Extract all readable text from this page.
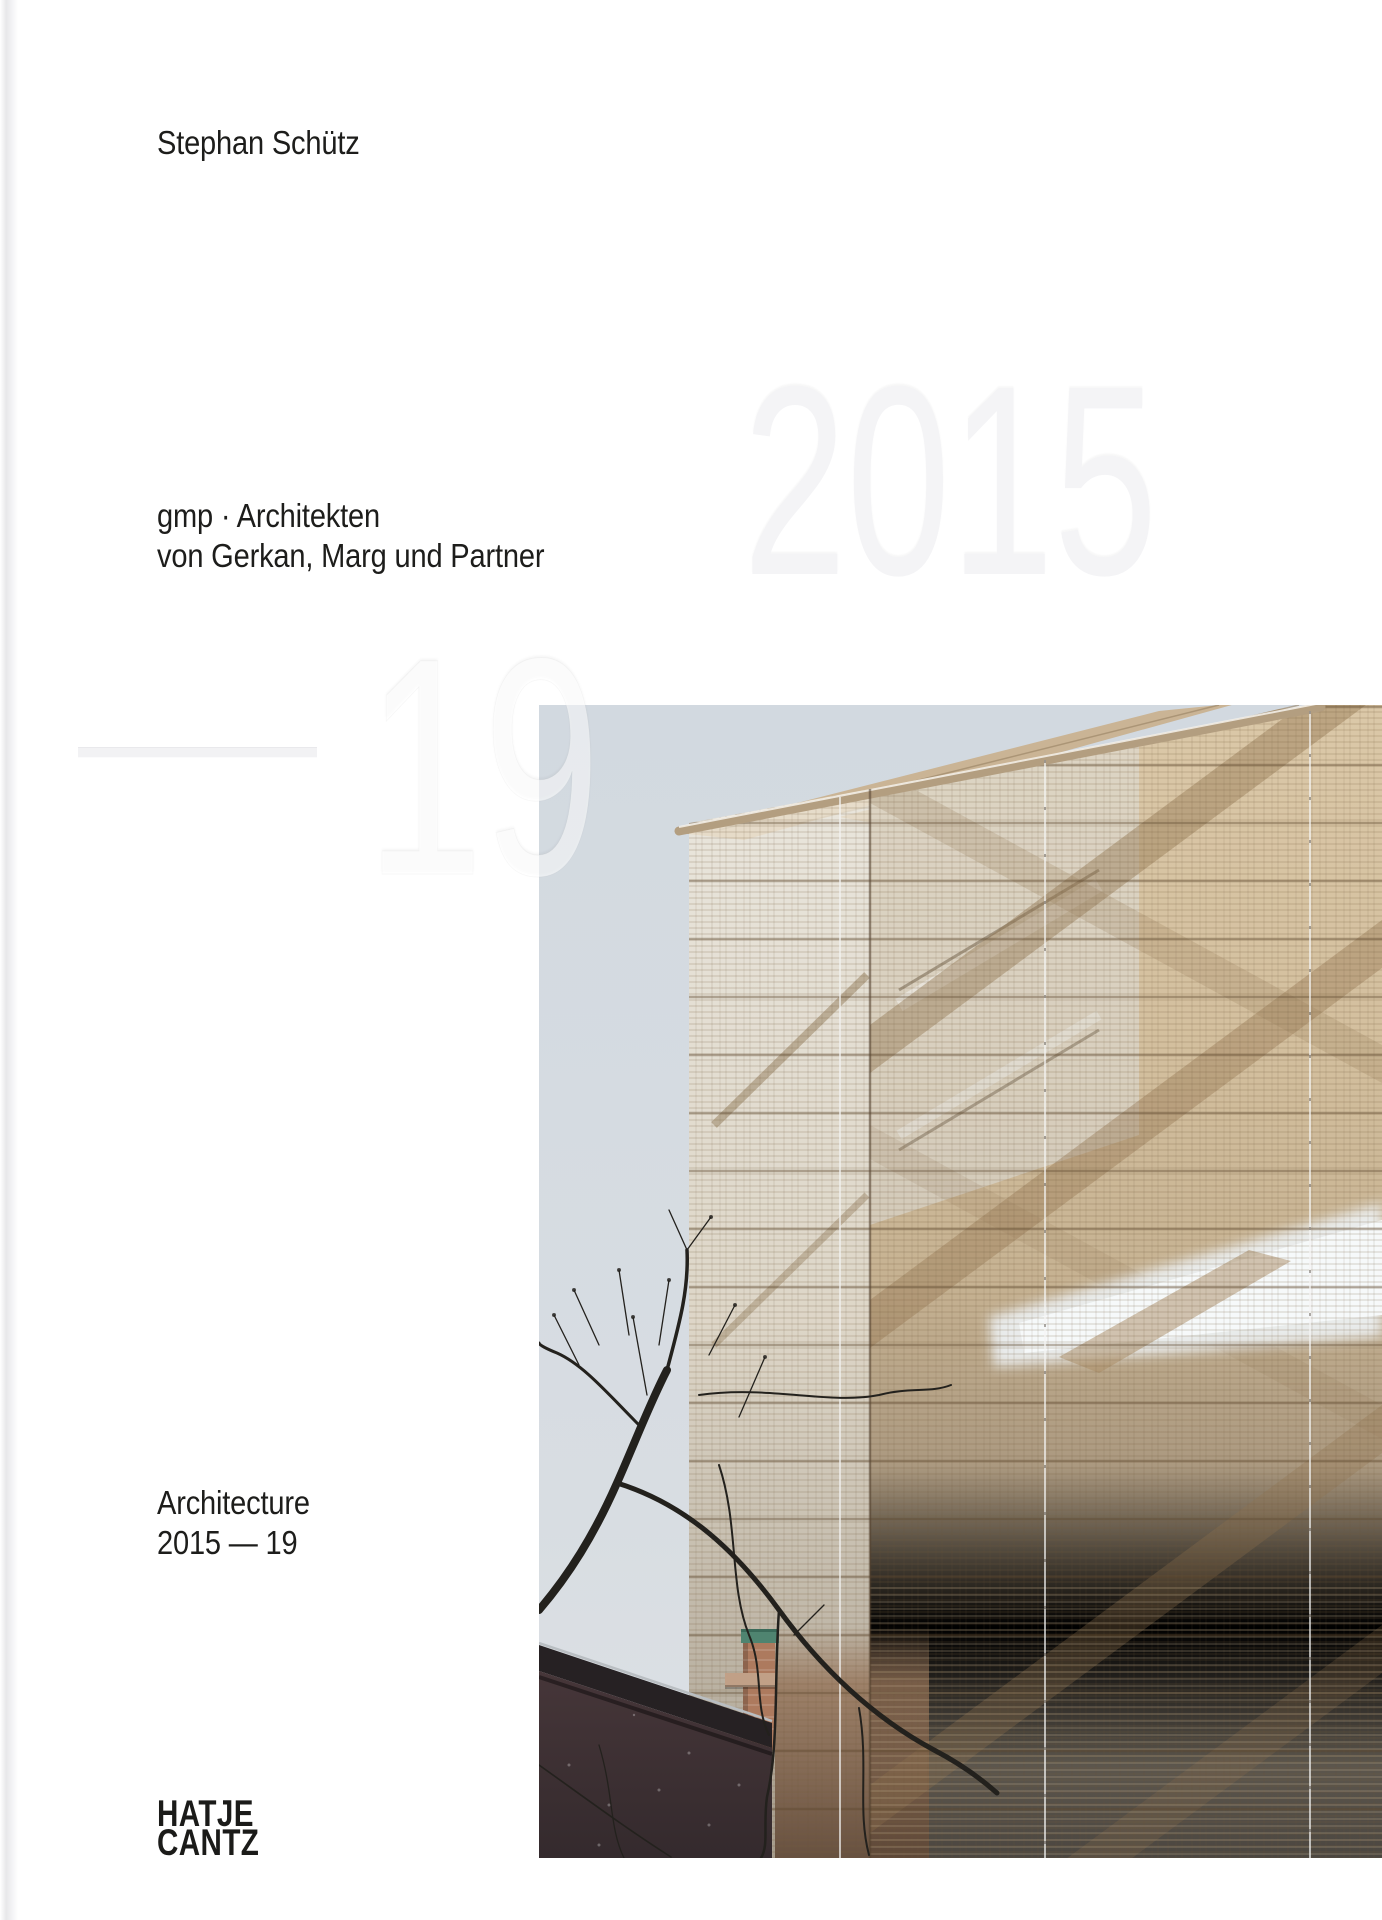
Stephan Schütz
2015
gmp · Architekten
von Gerkan, Marg und Partner
19
Architecture
2015 — 19
HATJE
CANTZ
